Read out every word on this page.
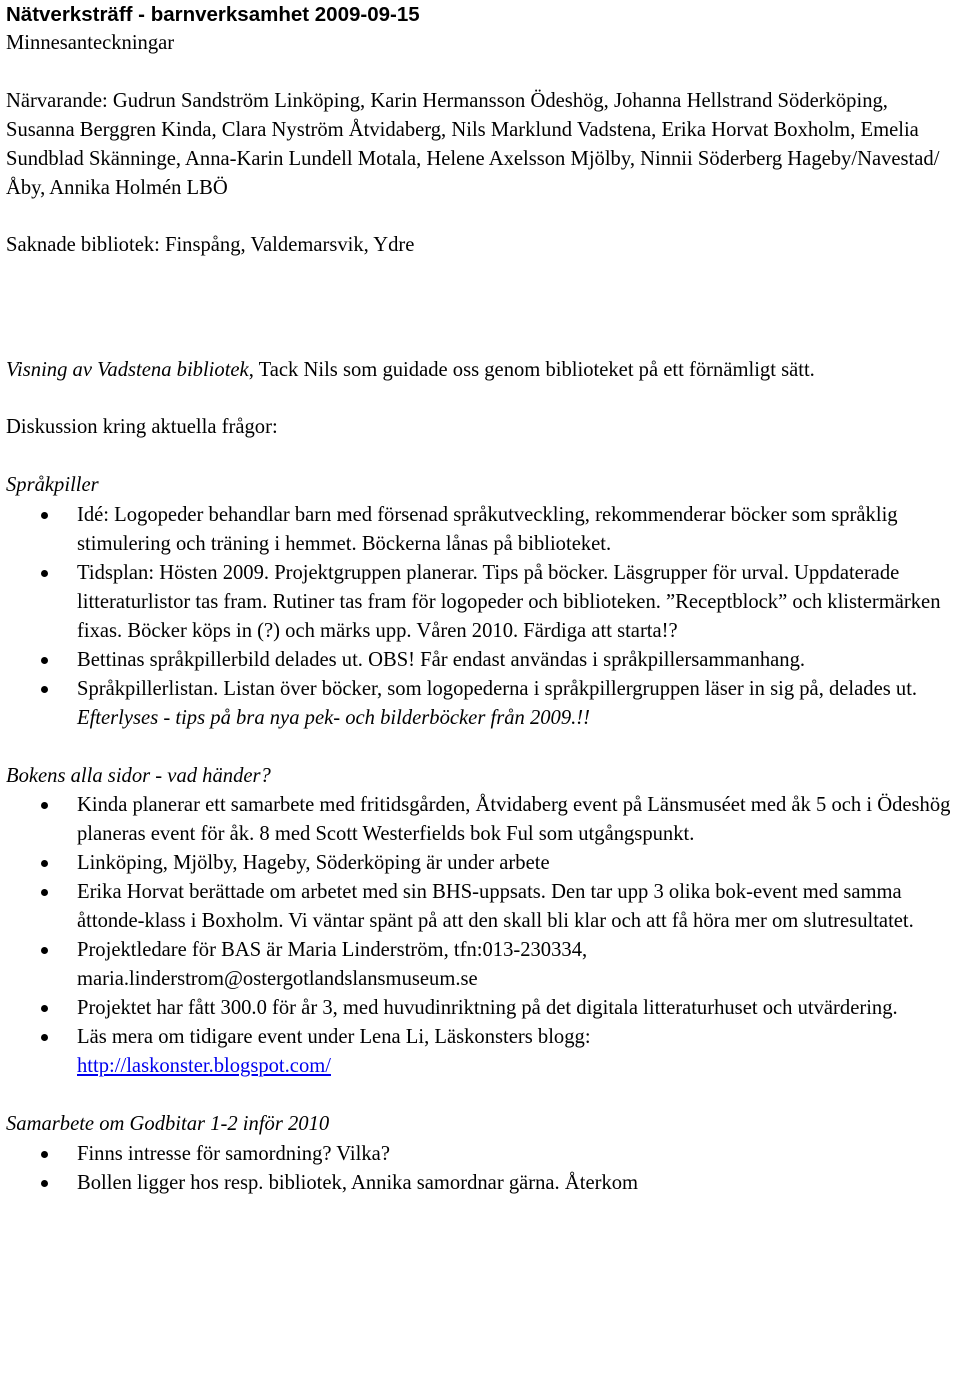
Nätverksträff - barnverksamhet 2009-09-15
Minnesanteckningar

Närvarande: Gudrun Sandström Linköping, Karin Hermansson Ödeshög, Johanna Hellstrand Söderköping, Susanna Berggren Kinda, Clara Nyström Åtvidaberg, Nils Marklund Vadstena, Erika Horvat Boxholm, Emelia Sundblad Skänninge, Anna-Karin Lundell Motala, Helene Axelsson Mjölby, Ninnii Söderberg Hageby/Navestad/Åby, Annika Holmén LBÖ

Saknade bibliotek: Finspång, Valdemarsvik, Ydre

Visning av Vadstena bibliotek, Tack Nils som guidade oss genom biblioteket på ett förnämligt sätt.

Diskussion kring aktuella frågor:

Språkpiller

Idé: Logopeder behandlar barn med försenad språkutveckling, rekommenderar böcker som språklig stimulering och träning i hemmet. Böckerna lånas på biblioteket.
Tidsplan: Hösten 2009. Projektgruppen planerar. Tips på böcker. Läsgrupper för urval. Uppdaterade litteraturlistor tas fram. Rutiner tas fram för logopeder och biblioteken. ”Receptblock” och klistermärken fixas. Böcker köps in (?) och märks upp. Våren 2010. Färdiga att starta!?
Bettinas språkpillerbild delades ut. OBS! Får endast användas i språkpillersammanhang.
Språkpillerlistan. Listan över böcker, som logopederna i språkpillergruppen läser in sig på, delades ut. Efterlyses - tips på bra nya pek- och bilderböcker från 2009.!!

Bokens alla sidor - vad händer?

Kinda planerar ett samarbete med fritidsgården, Åtvidaberg event på Länsmuséet med åk 5 och i Ödeshög planeras event för åk. 8 med Scott Westerfields bok Ful som utgångspunkt.
Linköping, Mjölby, Hageby, Söderköping är under arbete
Erika Horvat berättade om arbetet med sin BHS-uppsats. Den tar upp 3 olika bok-event med samma åttonde-klass i Boxholm. Vi väntar spänt på att den skall bli klar och att få höra mer om slutresultatet.
Projektledare för BAS är Maria Linderström, tfn:013-230334, maria.linderstrom@ostergotlandslansmuseum.se
Projektet har fått 300.0 för år 3, med huvudinriktning på det digitala litteraturhuset och utvärdering.
Läs mera om tidigare event under Lena Li, Läskonsters blogg:
http://laskonster.blogspot.com/

Samarbete om Godbitar 1-2 inför 2010

Finns intresse för samordning? Vilka?
Bollen ligger hos resp. bibliotek, Annika samordnar gärna. Återkom
